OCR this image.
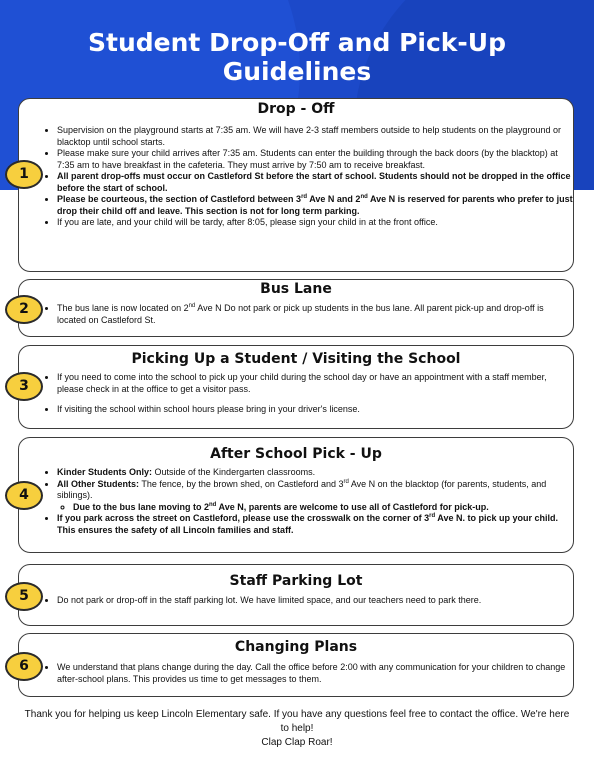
Student Drop-Off and Pick-Up
Guidelines
Drop - Off
• Supervision on the playground starts at 7:35 am. We will have 2-3 staff members outside to help students on the playground or blacktop until school starts.
• Please make sure your child arrives after 7:35 am. Students can enter the building through the back doors (by the blacktop) at 7:35 am to have breakfast in the cafeteria. They must arrive by 7:50 am to receive breakfast.
• All parent drop-offs must occur on Castleford St before the start of school. Students should not be dropped in the office before the start of school.
• Please be courteous, the section of Castleford between 3rd Ave N and 2nd Ave N is reserved for parents who prefer to just drop their child off and leave. This section is not for long term parking.
• If you are late, and your child will be tardy, after 8:05, please sign your child in at the front office.
1
Bus Lane
• The bus lane is now located on 2nd Ave N Do not park or pick up students in the bus lane. All parent pick-up and drop-off is located on Castleford St.
2
Picking Up a Student / Visiting the School
• If you need to come into the school to pick up your child during the school day or have an appointment with a staff member, please check in at the office to get a visitor pass.
• If visiting the school within school hours please bring in your driver's license.
3
After School Pick - Up
• Kinder Students Only: Outside of the Kindergarten classrooms.
• All Other Students: The fence, by the brown shed, on Castleford and 3rd Ave N on the blacktop (for parents, students, and siblings).
◦ Due to the bus lane moving to 2nd Ave N, parents are welcome to use all of Castleford for pick-up.
• If you park across the street on Castleford, please use the crosswalk on the corner of 3rd Ave N. to pick up your child. This ensures the safety of all Lincoln families and staff.
4
Staff Parking Lot
• Do not park or drop-off in the staff parking lot. We have limited space, and our teachers need to park there.
5
Changing Plans
• We understand that plans change during the day. Call the office before 2:00 with any communication for your children to change after-school plans. This provides us time to get messages to them.
6
Thank you for helping us keep Lincoln Elementary safe. If you have any questions feel free to contact the office. We're here to help!
Clap Clap Roar!
